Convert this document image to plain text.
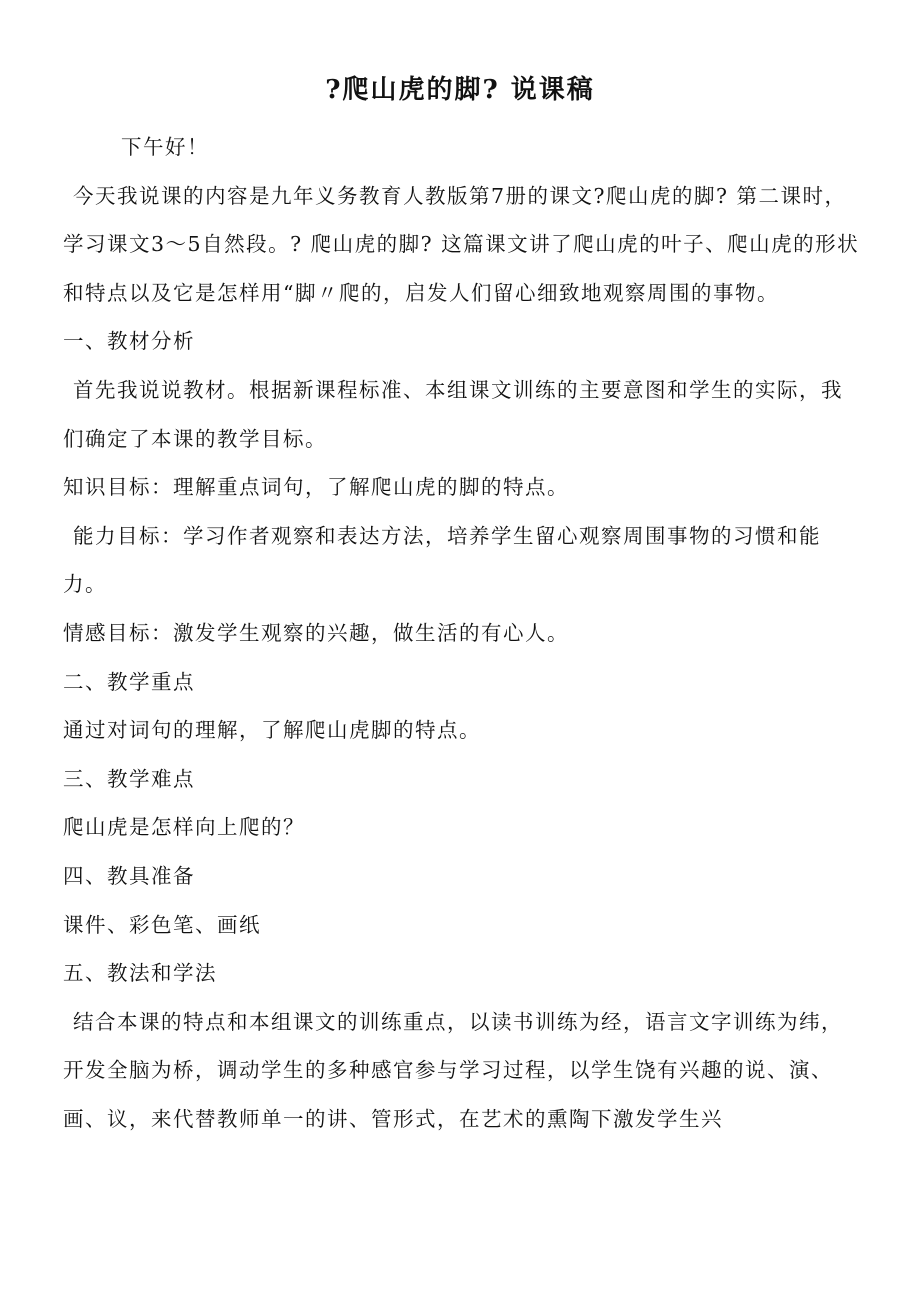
?爬山虎的脚? 说课稿

下午好！

今天我说课的内容是九年义务教育人教版第7册的课文?爬山虎的脚? 第二课时，学习课文3～5自然段。? 爬山虎的脚? 这篇课文讲了爬山虎的叶子、爬山虎的形状和特点以及它是怎样用“脚〃爬的，启发人们留心细致地观察周围的事物。

一、教材分析

首先我说说教材。根据新课程标准、本组课文训练的主要意图和学生的实际，我们确定了本课的教学目标。

知识目标：理解重点词句，了解爬山虎的脚的特点。

能力目标：学习作者观察和表达方法，培养学生留心观察周围事物的习惯和能力。

情感目标：激发学生观察的兴趣，做生活的有心人。

二、教学重点

通过对词句的理解，了解爬山虎脚的特点。

三、教学难点

爬山虎是怎样向上爬的？

四、教具准备

课件、彩色笔、画纸

五、教法和学法

结合本课的特点和本组课文的训练重点，以读书训练为经，语言文字训练为纬，开发全脑为桥，调动学生的多种感官参与学习过程，以学生饶有兴趣的说、演、画、议，来代替教师单一的讲、管形式，在艺术的熏陶下激发学生兴
